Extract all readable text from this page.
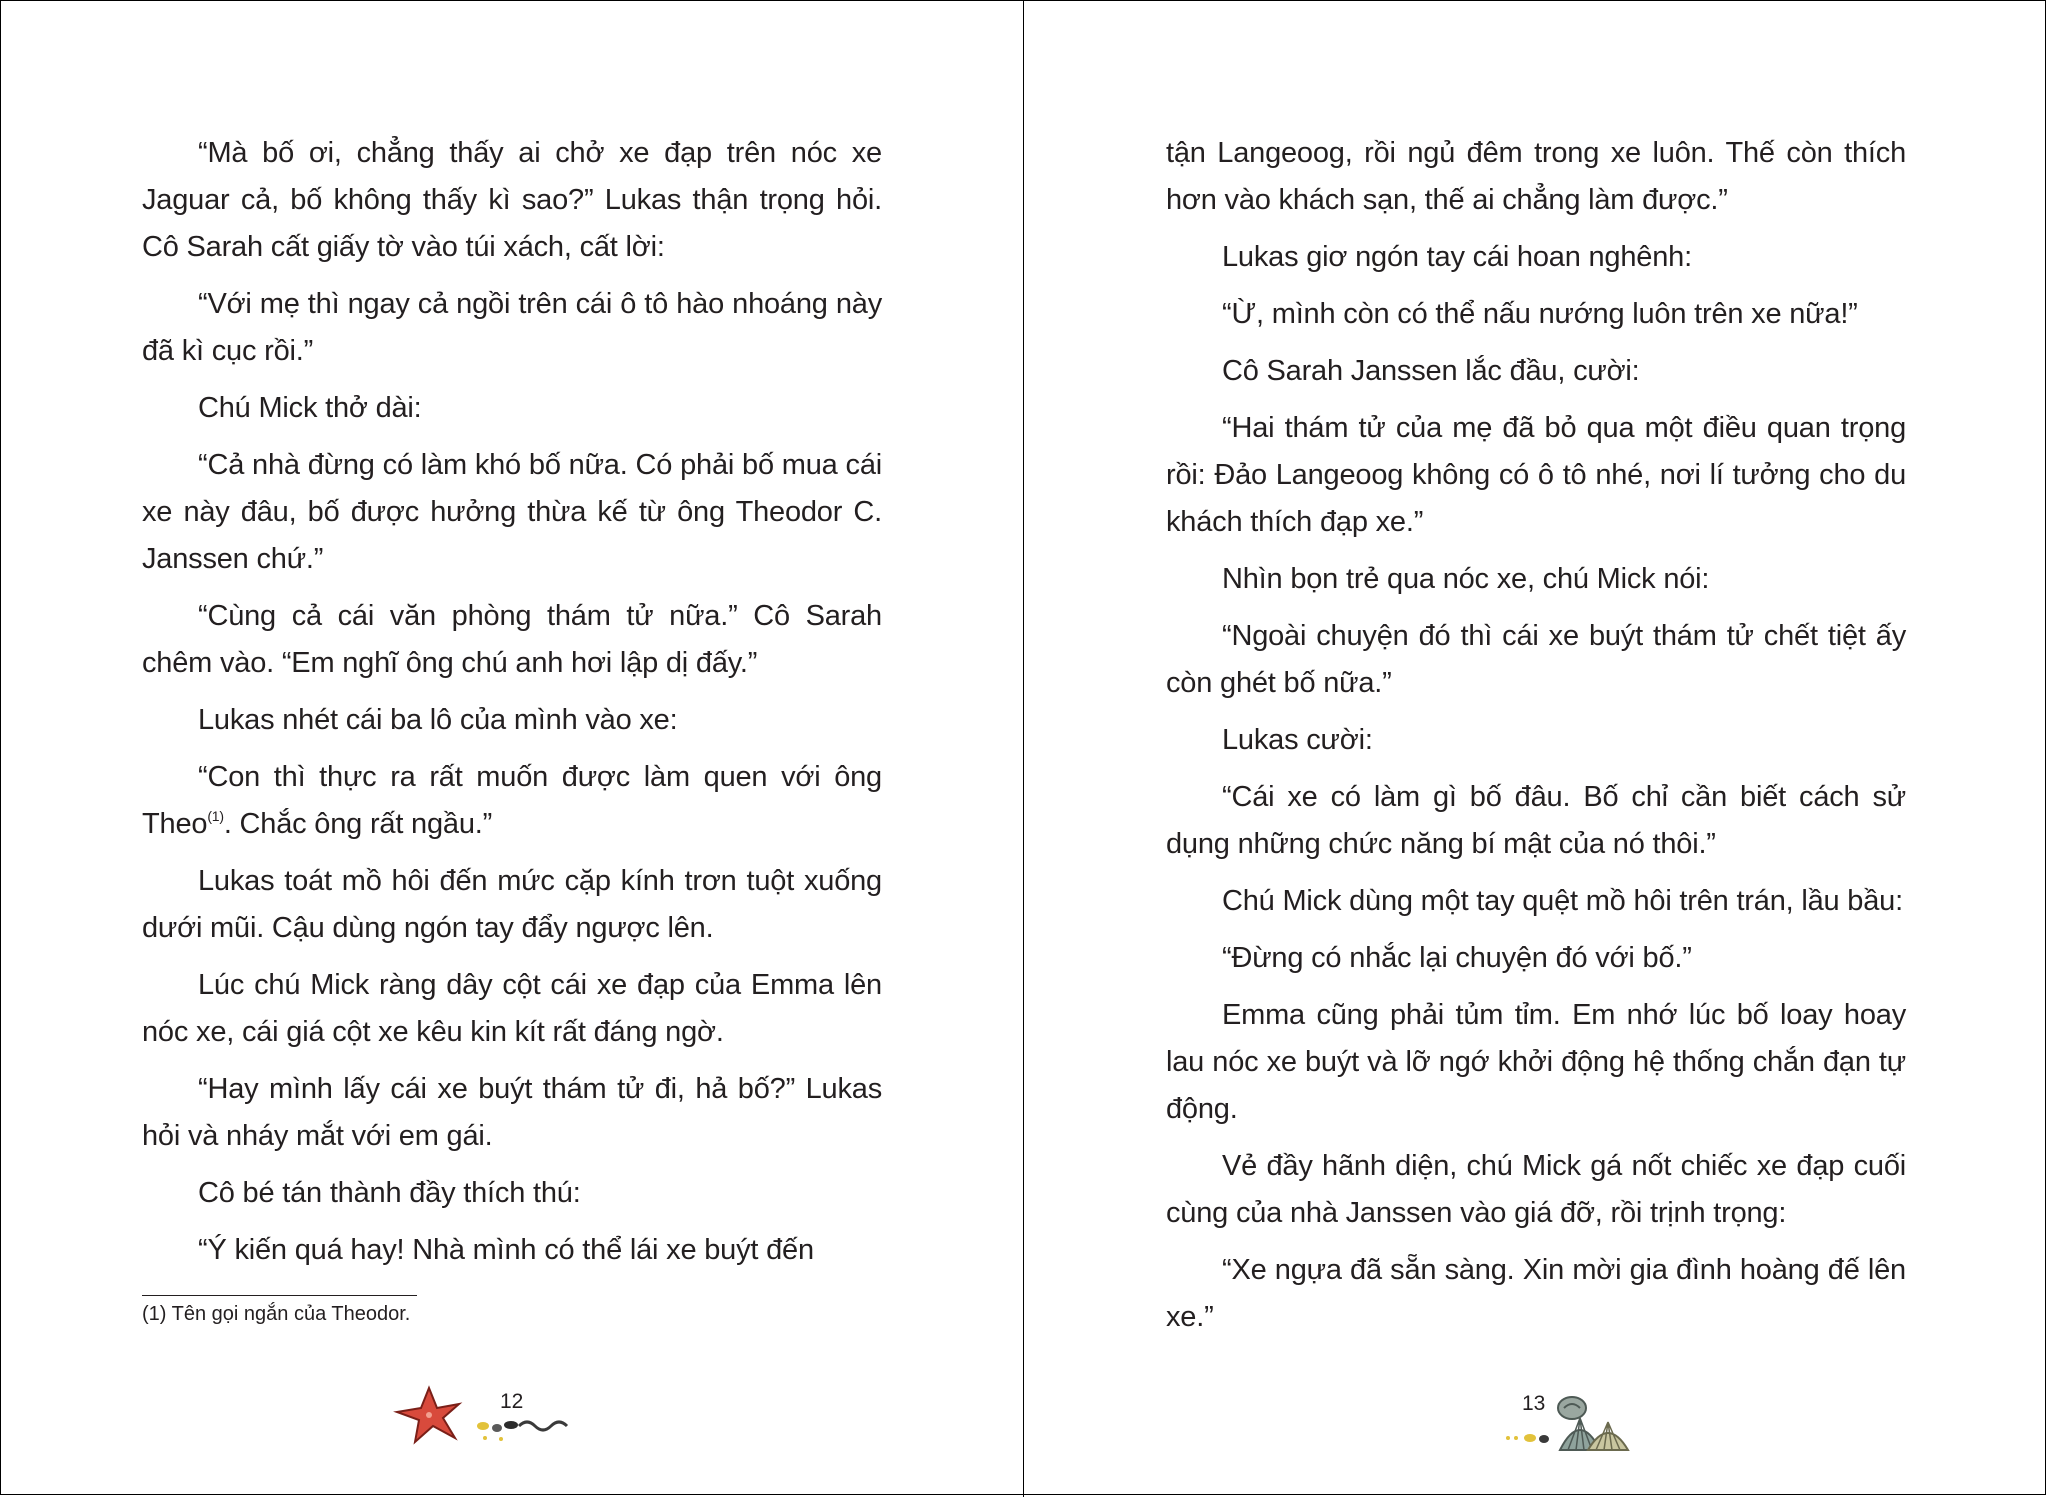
“Mà bố ơi, chẳng thấy ai chở xe đạp trên nóc xe Jaguar cả, bố không thấy kì sao?” Lukas thận trọng hỏi. Cô Sarah cất giấy tờ vào túi xách, cất lời:

“Với mẹ thì ngay cả ngồi trên cái ô tô hào nhoáng này đã kì cục rồi.”

Chú Mick thở dài:

“Cả nhà đừng có làm khó bố nữa. Có phải bố mua cái xe này đâu, bố được hưởng thừa kế từ ông Theodor C. Janssen chứ.”

“Cùng cả cái văn phòng thám tử nữa.” Cô Sarah chêm vào. “Em nghĩ ông chú anh hơi lập dị đấy.”

Lukas nhét cái ba lô của mình vào xe:

“Con thì thực ra rất muốn được làm quen với ông Theo$^{(1)}$. Chắc ông rất ngầu.”

Lukas toát mồ hôi đến mức cặp kính trơn tuột xuống dưới mũi. Cậu dùng ngón tay đẩy ngược lên.

Lúc chú Mick ràng dây cột cái xe đạp của Emma lên nóc xe, cái giá cột xe kêu kin kít rất đáng ngờ.

“Hay mình lấy cái xe buýt thám tử đi, hả bố?” Lukas hỏi và nháy mắt với em gái.

Cô bé tán thành đầy thích thú:

“Ý kiến quá hay! Nhà mình có thể lái xe buýt đến

(1) Tên gọi ngắn của Theodor.
12

tận Langeoog, rồi ngủ đêm trong xe luôn. Thế còn thích hơn vào khách sạn, thế ai chẳng làm được.”

Lukas giơ ngón tay cái hoan nghênh:

“Ừ, mình còn có thể nấu nướng luôn trên xe nữa!”

Cô Sarah Janssen lắc đầu, cười:

“Hai thám tử của mẹ đã bỏ qua một điều quan trọng rồi: Đảo Langeoog không có ô tô nhé, nơi lí tưởng cho du khách thích đạp xe.”

Nhìn bọn trẻ qua nóc xe, chú Mick nói:

“Ngoài chuyện đó thì cái xe buýt thám tử chết tiệt ấy còn ghét bố nữa.”

Lukas cười:

“Cái xe có làm gì bố đâu. Bố chỉ cần biết cách sử dụng những chức năng bí mật của nó thôi.”

Chú Mick dùng một tay quệt mồ hôi trên trán, lầu bầu:

“Đừng có nhắc lại chuyện đó với bố.”

Emma cũng phải tủm tỉm. Em nhớ lúc bố loay hoay lau nóc xe buýt và lỡ ngớ khởi động hệ thống chắn đạn tự động.

Vẻ đầy hãnh diện, chú Mick gá nốt chiếc xe đạp cuối cùng của nhà Janssen vào giá đỡ, rồi trịnh trọng:

“Xe ngựa đã sẵn sàng. Xin mời gia đình hoàng đế lên xe.”

13
